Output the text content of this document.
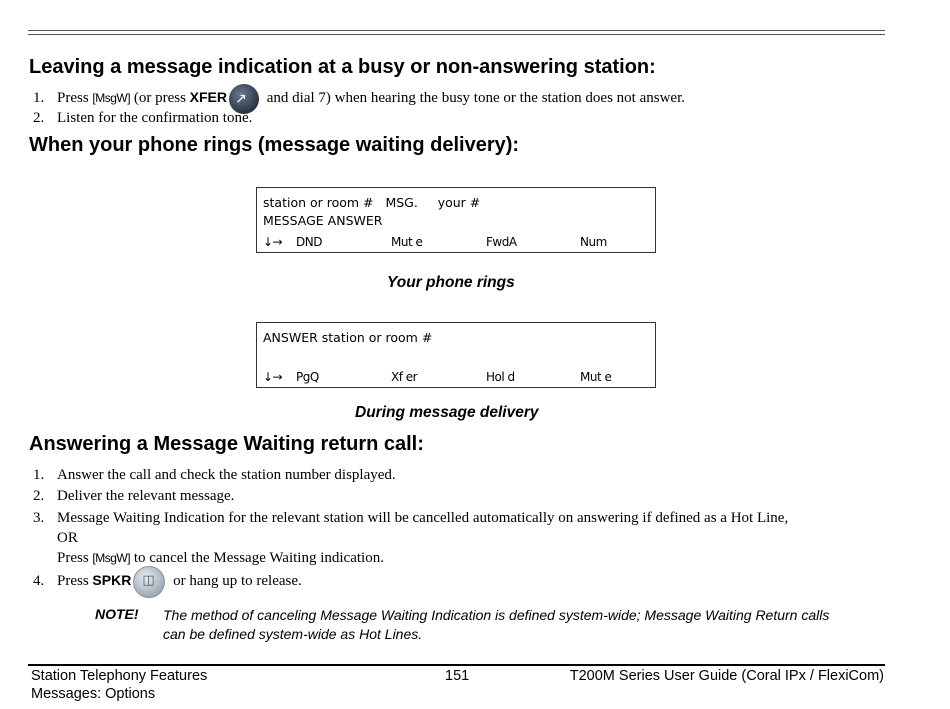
Leaving a message indication at a busy or non-answering station:
1. Press [MsgW] (or press XFER ↗ and dial 7) when hearing the busy tone or the station does not answer.
2. Listen for the confirmation tone.
When your phone rings (message waiting delivery):
station or room #   MSG.     your #
MESSAGE ANSWER
↓→ DND	Mut e	FwdA	Num
Your phone rings
ANSWER station or room #
↓→ PgQ	Xf er	Hol d	Mut e
During message delivery
Answering a Message Waiting return call:
1. Answer the call and check the station number displayed.
2. Deliver the relevant message.
3. Message Waiting Indication for the relevant station will be cancelled automatically on answering if defined as a Hot Line,
OR
Press [MsgW] to cancel the Message Waiting indication.
4. Press SPKR ◫ or hang up to release.
NOTE! The method of canceling Message Waiting Indication is defined system-wide; Message Waiting Return calls can be defined system-wide as Hot Lines.
Station Telephony Features
Messages: Options
151	T200M Series User Guide (Coral IPx / FlexiCom)
